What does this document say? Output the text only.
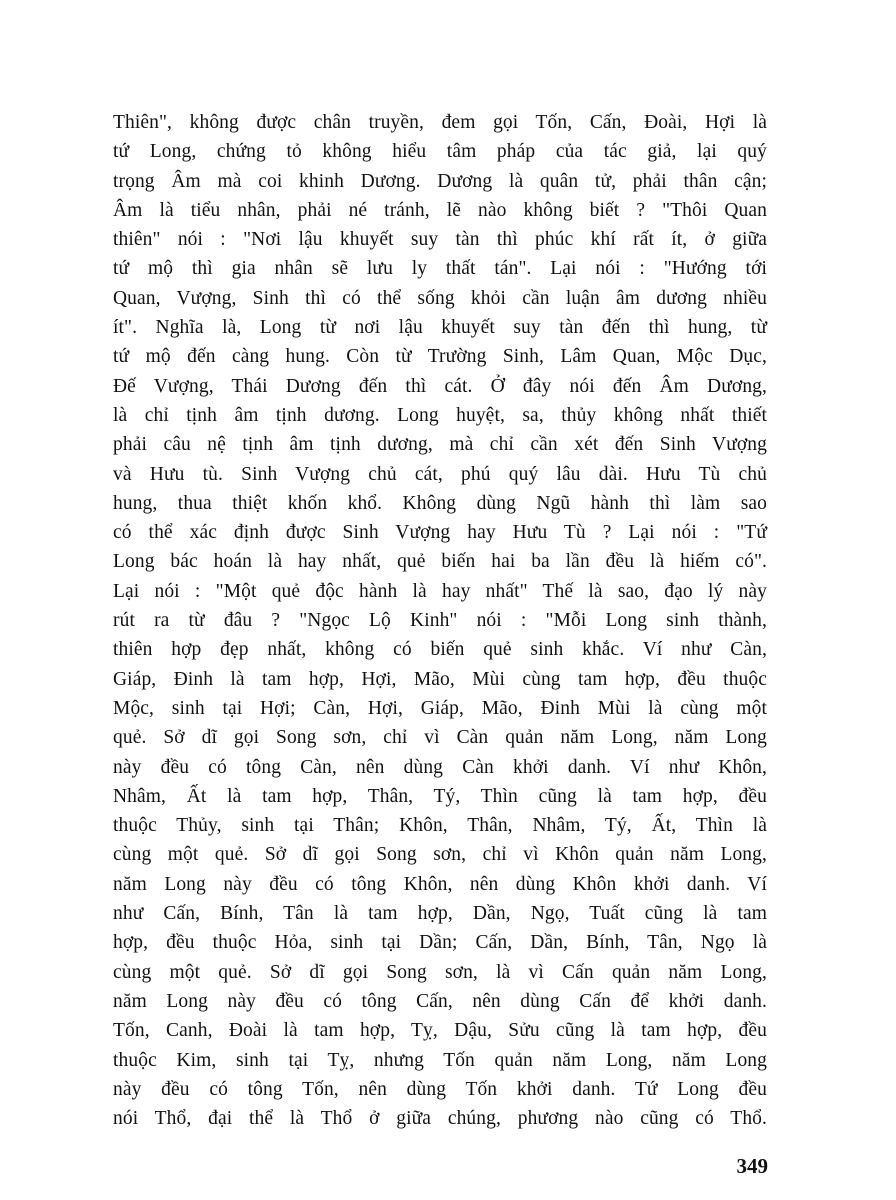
Thiên", không được chân truyền, đem gọi Tốn, Cấn, Đoài, Hợi là
tứ Long, chứng tỏ không hiểu tâm pháp của tác giả, lại quý
trọng Âm mà coi khinh Dương. Dương là quân tử, phải thân cận;
Âm là tiểu nhân, phải né tránh, lẽ nào không biết ? "Thôi Quan
thiên" nói : "Nơi lậu khuyết suy tàn thì phúc khí rất ít, ở giữa
tứ mộ thì gia nhân sẽ lưu ly thất tán". Lại nói : "Hướng tới
Quan, Vượng, Sinh thì có thể sống khỏi cần luận âm dương nhiều
ít". Nghĩa là, Long từ nơi lậu khuyết suy tàn đến thì hung, từ
tứ mộ đến càng hung. Còn từ Trường Sinh, Lâm Quan, Mộc Dục,
Đế Vượng, Thái Dương đến thì cát. Ở đây nói đến Âm Dương,
là chỉ tịnh âm tịnh dương. Long huyệt, sa, thủy không nhất thiết
phải câu nệ tịnh âm tịnh dương, mà chỉ cần xét đến Sinh Vượng
và Hưu tù. Sinh Vượng chủ cát, phú quý lâu dài. Hưu Tù chủ
hung, thua thiệt khốn khổ. Không dùng Ngũ hành thì làm sao
có thể xác định được Sinh Vượng hay Hưu Tù ? Lại nói : "Tứ
Long bác hoán là hay nhất, quẻ biến hai ba lần đều là hiếm có".
Lại nói : "Một quẻ độc hành là hay nhất" Thế là sao, đạo lý này
rút ra từ đâu ? "Ngọc Lộ Kinh" nói : "Mỗi Long sinh thành,
thiên hợp đẹp nhất, không có biến quẻ sinh khắc. Ví như Càn,
Giáp, Đinh là tam hợp, Hợi, Mão, Mùi cùng tam hợp, đều thuộc
Mộc, sinh tại Hợi; Càn, Hợi, Giáp, Mão, Đinh Mùi là cùng một
quẻ. Sở dĩ gọi Song sơn, chỉ vì Càn quản năm Long, năm Long
này đều có tông Càn, nên dùng Càn khởi danh. Ví như Khôn,
Nhâm, Ất là tam hợp, Thân, Tý, Thìn cũng là tam hợp, đều
thuộc Thủy, sinh tại Thân; Khôn, Thân, Nhâm, Tý, Ất, Thìn là
cùng một quẻ. Sở dĩ gọi Song sơn, chỉ vì Khôn quản năm Long,
năm Long này đều có tông Khôn, nên dùng Khôn khởi danh. Ví
như Cấn, Bính, Tân là tam hợp, Dần, Ngọ, Tuất cũng là tam
hợp, đều thuộc Hỏa, sinh tại Dần; Cấn, Dần, Bính, Tân, Ngọ là
cùng một quẻ. Sở dĩ gọi Song sơn, là vì Cấn quản năm Long,
năm Long này đều có tông Cấn, nên dùng Cấn để khởi danh.
Tốn, Canh, Đoài là tam hợp, Tỵ, Dậu, Sửu cũng là tam hợp, đều
thuộc Kim, sinh tại Tỵ, nhưng Tốn quản năm Long, năm Long
này đều có tông Tốn, nên dùng Tốn khởi danh. Tứ Long đều
nói Thổ, đại thể là Thổ ở giữa chúng, phương nào cũng có Thổ.
349
